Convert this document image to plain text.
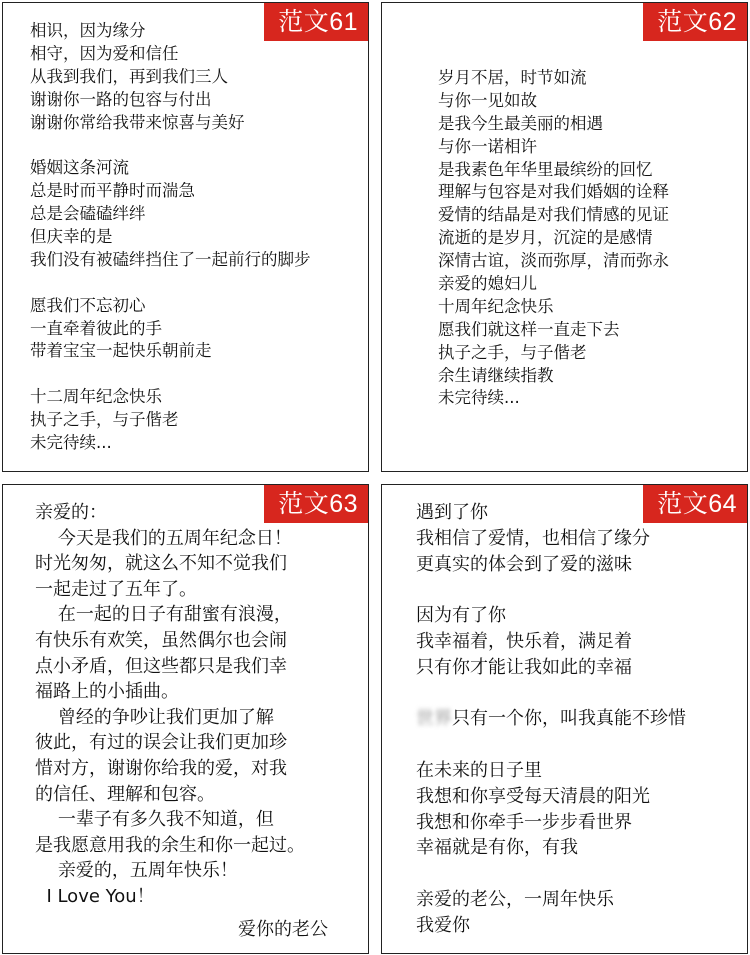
范文61
相识，因为缘分
相守，因为爱和信任
从我到我们，再到我们三人
谢谢你一路的包容与付出
谢谢你常给我带来惊喜与美好
婚姻这条河流
总是时而平静时而湍急
总是会磕磕绊绊
但庆幸的是
我们没有被磕绊挡住了一起前行的脚步
愿我们不忘初心
一直牵着彼此的手
带着宝宝一起快乐朝前走
十二周年纪念快乐
执子之手，与子偕老
未完待续...
范文62
岁月不居，时节如流
与你一见如故
是我今生最美丽的相遇
与你一诺相许
是我素色年华里最缤纷的回忆
理解与包容是对我们婚姻的诠释
爱情的结晶是对我们情感的见证
流逝的是岁月，沉淀的是感情
深情古谊，淡而弥厚，清而弥永
亲爱的媳妇儿
十周年纪念快乐
愿我们就这样一直走下去
执子之手，与子偕老
余生请继续指教
未完待续...
范文63
亲爱的：
今天是我们的五周年纪念日！
时光匆匆，就这么不知不觉我们
一起走过了五年了。
在一起的日子有甜蜜有浪漫，
有快乐有欢笑，虽然偶尔也会闹
点小矛盾，但这些都只是我们幸
福路上的小插曲。
曾经的争吵让我们更加了解
彼此，有过的误会让我们更加珍
惜对方，谢谢你给我的爱，对我
的信任、理解和包容。
一辈子有多久我不知道，但
是我愿意用我的余生和你一起过。
亲爱的，五周年快乐！
I Love You！
爱你的老公
范文64
遇到了你
我相信了爱情，也相信了缘分
更真实的体会到了爱的滋味
因为有了你
我幸福着，快乐着，满足着
只有你才能让我如此的幸福
世界只有一个你，叫我真能不珍惜
在未来的日子里
我想和你享受每天清晨的阳光
我想和你牵手一步步看世界
幸福就是有你，有我
亲爱的老公，一周年快乐
我爱你
